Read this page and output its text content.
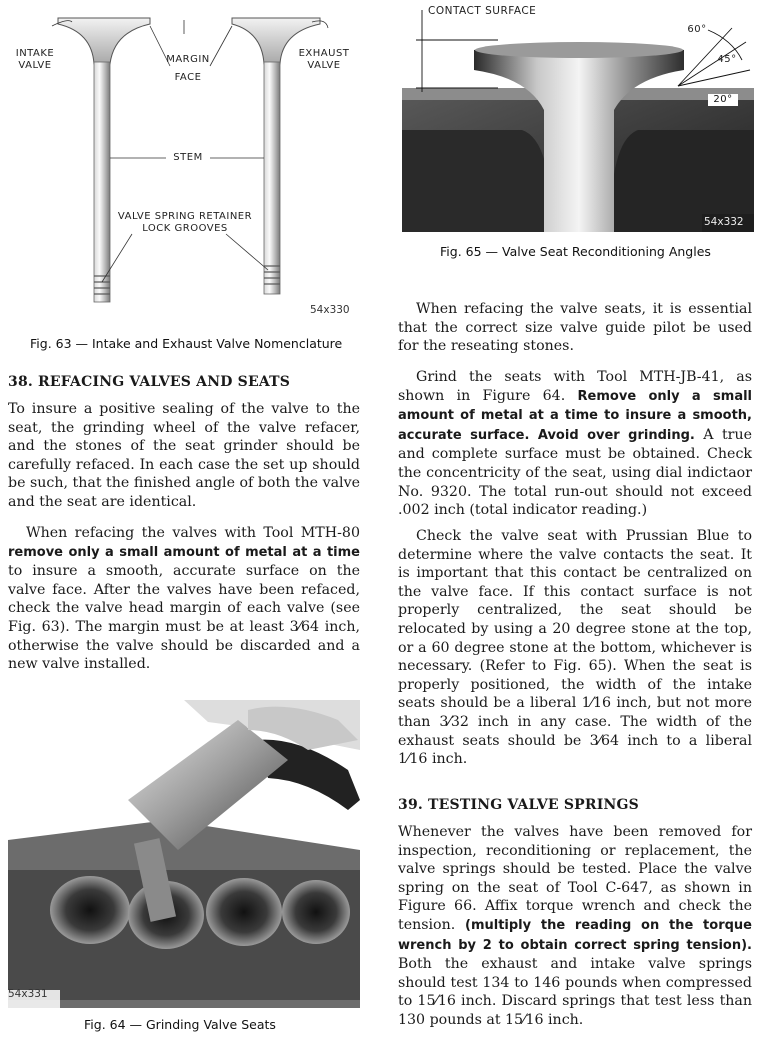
INTAKE
VALVE
MARGIN
EXHAUST
VALVE
FACE
STEM
VALVE SPRING RETAINER
LOCK GROOVES
54x330
Fig. 63 — Intake and Exhaust Valve Nomenclature
CONTACT SURFACE
60°
45°
20°
54x332
Fig. 65 — Valve Seat Reconditioning Angles
38. REFACING VALVES AND SEATS
To insure a positive sealing of the valve to the seat, the grinding wheel of the valve refacer, and the stones of the seat grinder should be carefully refaced. In each case the set up should be such, that the finished angle of both the valve and the seat are identical.
When refacing the valves with Tool MTH-80 remove only a small amount of metal at a time to insure a smooth, accurate surface on the valve face. After the valves have been refaced, check the valve head margin of each valve (see Fig. 63). The margin must be at least 3⁄64 inch, otherwise the valve should be discarded and a new valve installed.
54x331
Fig. 64 — Grinding Valve Seats
When refacing the valve seats, it is essential that the correct size valve guide pilot be used for the reseating stones.
Grind the seats with Tool MTH-JB-41, as shown in Figure 64. Remove only a small amount of metal at a time to insure a smooth, accurate surface. Avoid over grinding. A true and complete surface must be obtained. Check the concentricity of the seat, using dial indictaor No. 9320. The total run-out should not exceed .002 inch (total indicator reading.)
Check the valve seat with Prussian Blue to determine where the valve contacts the seat. It is important that this contact be centralized on the valve face. If this contact surface is not properly centralized, the seat should be relocated by using a 20 degree stone at the top, or a 60 degree stone at the bottom, whichever is necessary. (Refer to Fig. 65). When the seat is properly positioned, the width of the intake seats should be a liberal 1⁄16 inch, but not more than 3⁄32 inch in any case. The width of the exhaust seats should be 3⁄64 inch to a liberal 1⁄16 inch.
39. TESTING VALVE SPRINGS
Whenever the valves have been removed for inspection, reconditioning or replacement, the valve springs should be tested. Place the valve spring on the seat of Tool C-647, as shown in Figure 66. Affix torque wrench and check the tension. (multiply the reading on the torque wrench by 2 to obtain correct spring tension). Both the exhaust and intake valve springs should test 134 to 146 pounds when compressed to 15⁄16 inch. Discard springs that test less than 130 pounds at 15⁄16 inch.
